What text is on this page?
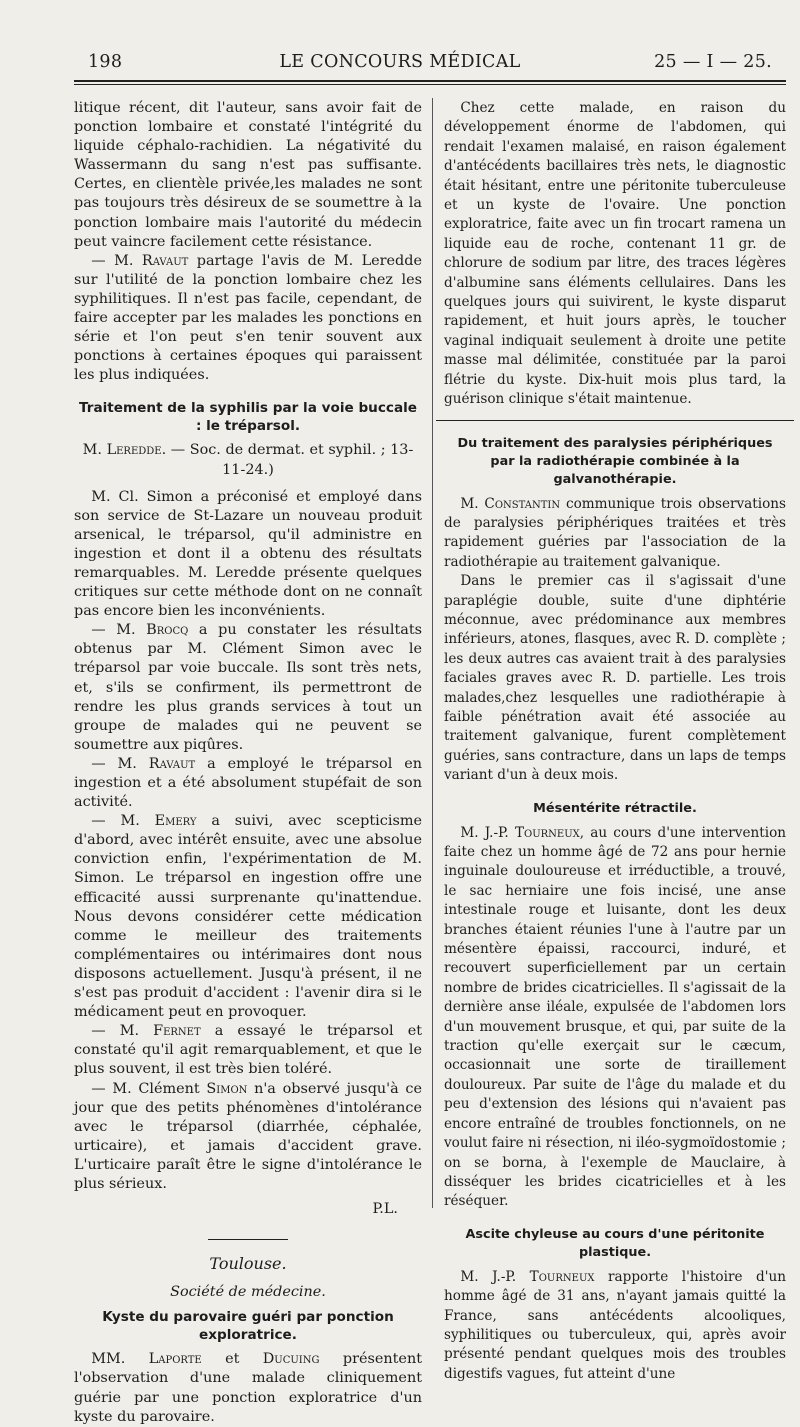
198	LE CONCOURS MÉDICAL	25 — I — 25.

litique récent, dit l'auteur, sans avoir fait de ponction lombaire et constaté l'intégrité du liquide céphalo-rachidien. La négativité du Wassermann du sang n'est pas suffisante. Certes, en clientèle privée,les malades ne sont pas toujours très désireux de se soumettre à la ponction lombaire mais l'autorité du médecin peut vaincre facilement cette résistance.

— M. Ravaut partage l'avis de M. Leredde sur l'utilité de la ponction lombaire chez les syphilitiques. Il n'est pas facile, cependant, de faire accepter par les malades les ponctions en série et l'on peut s'en tenir souvent aux ponctions à certaines époques qui paraissent les plus indiquées.

Traitement de la syphilis par la voie buccale : le tréparsol.

M. Leredde. — Soc. de dermat. et syphil. ; 13-11-24.)

M. Cl. Simon a préconisé et employé dans son service de St-Lazare un nouveau produit arsenical, le tréparsol, qu'il administre en ingestion et dont il a obtenu des résultats remarquables. M. Leredde présente quelques critiques sur cette méthode dont on ne connaît pas encore bien les inconvénients.

— M. Brocq a pu constater les résultats obtenus par M. Clément Simon avec le tréparsol par voie buccale. Ils sont très nets, et, s'ils se confirment, ils permettront de rendre les plus grands services à tout un groupe de malades qui ne peuvent se soumettre aux piqûres.

— M. Ravaut a employé le tréparsol en ingestion et a été absolument stupéfait de son activité.

— M. Emery a suivi, avec scepticisme d'abord, avec intérêt ensuite, avec une absolue conviction enfin, l'expérimentation de M. Simon. Le tréparsol en ingestion offre une efficacité aussi surprenante qu'inattendue. Nous devons considérer cette médication comme le meilleur des traitements complémentaires ou intérimaires dont nous disposons actuellement. Jusqu'à présent, il ne s'est pas produit d'accident : l'avenir dira si le médicament peut en provoquer.

— M. Fernet a essayé le tréparsol et constaté qu'il agit remarquablement, et que le plus souvent, il est très bien toléré.

— M. Clément Simon n'a observé jusqu'à ce jour que des petits phénomènes d'intolérance avec le tréparsol (diarrhée, céphalée, urticaire), et jamais d'accident grave. L'urticaire paraît être le signe d'intolérance le plus sérieux.

P.L.
Toulouse.
Société de médecine.
Kyste du parovaire guéri par ponction exploratrice.

MM. Laporte et Ducuing présentent l'observation d'une malade cliniquement guérie par une ponction exploratrice d'un kyste du parovaire.

Chez cette malade, en raison du développement énorme de l'abdomen, qui rendait l'examen malaisé, en raison également d'antécédents bacillaires très nets, le diagnostic était hésitant, entre une péritonite tuberculeuse et un kyste de l'ovaire. Une ponction exploratrice, faite avec un fin trocart ramena un liquide eau de roche, contenant 11 gr. de chlorure de sodium par litre, des traces légères d'albumine sans éléments cellulaires. Dans les quelques jours qui suivirent, le kyste disparut rapidement, et huit jours après, le toucher vaginal indiquait seulement à droite une petite masse mal délimitée, constituée par la paroi flétrie du kyste. Dix-huit mois plus tard, la guérison clinique s'était maintenue.

Du traitement des paralysies périphériques par la radiothérapie combinée à la galvanothérapie.

M. Constantin communique trois observations de paralysies périphériques traitées et très rapidement guéries par l'association de la radiothérapie au traitement galvanique.

Dans le premier cas il s'agissait d'une paraplégie double, suite d'une diphtérie méconnue, avec prédominance aux membres inférieurs, atones, flasques, avec R. D. complète ; les deux autres cas avaient trait à des paralysies faciales graves avec R. D. partielle. Les trois malades,chez lesquelles une radiothérapie à faible pénétration avait été associée au traitement galvanique, furent complètement guéries, sans contracture, dans un laps de temps variant d'un à deux mois.

Mésentérite rétractile.

M. J.-P. Tourneux, au cours d'une intervention faite chez un homme âgé de 72 ans pour hernie inguinale douloureuse et irréductible, a trouvé, le sac herniaire une fois incisé, une anse intestinale rouge et luisante, dont les deux branches étaient réunies l'une à l'autre par un mésentère épaissi, raccourci, induré, et recouvert superficiellement par un certain nombre de brides cicatricielles. Il s'agissait de la dernière anse iléale, expulsée de l'abdomen lors d'un mouvement brusque, et qui, par suite de la traction qu'elle exerçait sur le cæcum, occasionnait une sorte de tiraillement douloureux. Par suite de l'âge du malade et du peu d'extension des lésions qui n'avaient pas encore entraîné de troubles fonctionnels, on ne voulut faire ni résection, ni iléo-sygmoïdostomie ; on se borna, à l'exemple de Mauclaire, à disséquer les brides cicatricielles et à les réséquer.

Ascite chyleuse au cours d'une péritonite plastique.

M. J.-P. Tourneux rapporte l'histoire d'un homme âgé de 31 ans, n'ayant jamais quitté la France, sans antécédents alcooliques, syphilitiques ou tuberculeux, qui, après avoir présenté pendant quelques mois des troubles digestifs vagues, fut atteint d'une
